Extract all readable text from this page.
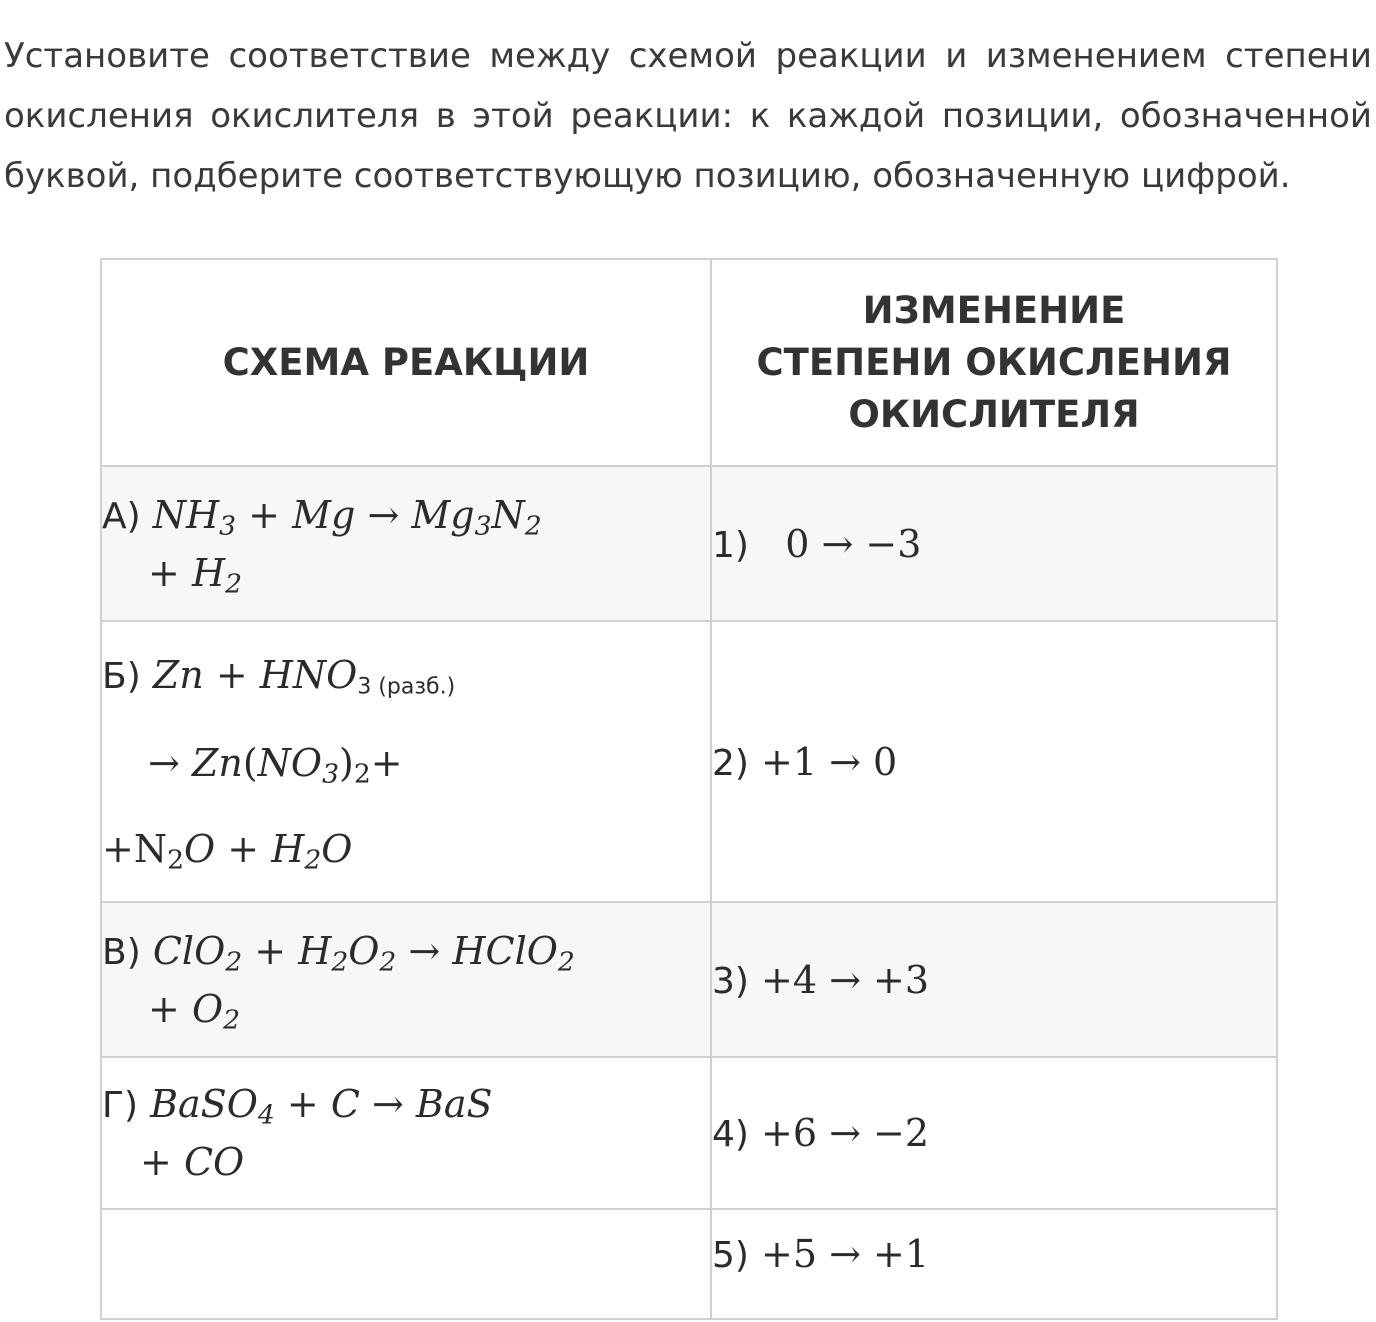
Установите соответствие между схемой реакции и изменением степени окисления окислителя в этой реакции: к каждой позиции, обозначенной буквой, подберите соответствующую позицию, обозначенную цифрой.

СХЕМА РЕАКЦИИ	ИЗМЕНЕНИЕ
СТЕПЕНИ ОКИСЛЕНИЯ
ОКИСЛИТЕЛЯ

А) $NH_3 + Mg \to Mg_3N_2$
+ $H_2$	1) 0 → −3

Б) $Zn + HNO_{3 (разб.)}$
→ $Zn(NO_3)_2+$
$+N_2O + H_2O$	2) +1 → 0

В) $ClO_2 + H_2O_2$ → HClO$_2$
+ $O_2$	3) +4 → +3

Г) BaSO$_4$ + C → BaS
+ CO	4) +6 → −2
	5) +5 → +1
